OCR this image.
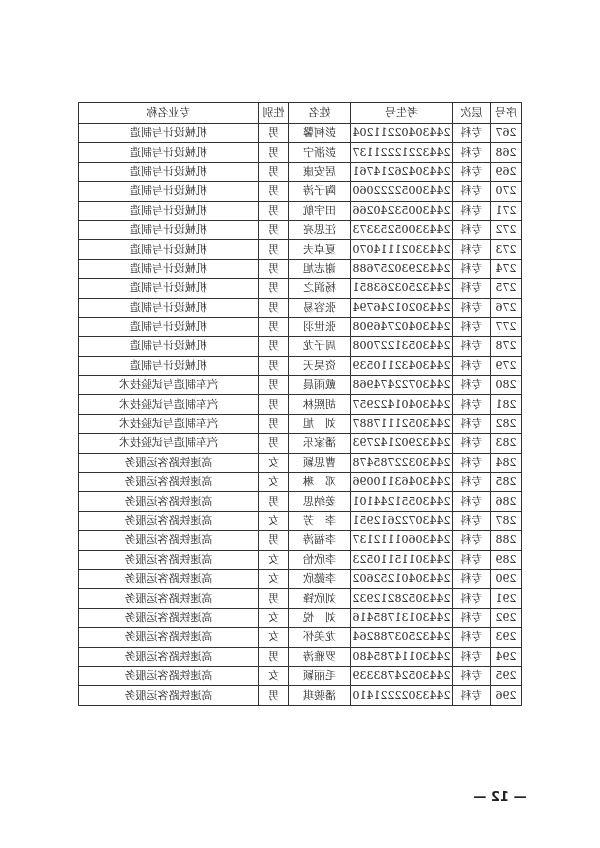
序号	层次	考生号	姓名	性别	专业名称
267	专科	24430402211204	彭柯馨	男	机械设计与制造
268	专科	24432212221137	彭浙宁	男	机械设计与制造
269	专科	24430426214761	居安康	男	机械设计与制造
270	专科	24430052222060	陶子涛	男	机械设计与制造
271	专科	24430053240266	田宇航	男	机械设计与制造
272	专科	24433005253373	汪思亮	男	机械设计与制造
273	专科	24433021114070	夏卓夫	男	机械设计与制造
274	专科	24432930257688	谢志旭	男	机械设计与制造
275	专科	24432503263851	杨润之	男	机械设计与制造
276	专科	24430201246794	张容易	男	机械设计与制造
277	专科	24430402746908	张世羽	男	机械设计与制造
278	专科	24430531227008	周子龙	男	机械设计与制造
279	专科	24430432110539	资昊天	男	机械设计与制造
280	专科	24430722474968	戴雨晨	男	汽车制造与试验技术
281	专科	24430401422957	胡熙林	男	汽车制造与试验技术
282	专科	24430521117887	刘　旭	男	汽车制造与试验技术
283	专科	24432902142793	潘家乐	男	汽车制造与试验技术
284	专科	24430322785478	曹思颖	女	高速铁路客运服务
285	专科	24430463110096	邓　琳	女	高速铁路客运服务
286	专科	24430551244101	姜纳思	男	高速铁路客运服务
287	专科	24430722612951	李　芳	女	高速铁路客运服务
288	专科	24430601112137	李福涛	男	高速铁路客运服务
289	专科	24430115110523	李欣怡	女	高速铁路客运服务
290	专科	24430401252602	李懿欣	女	高速铁路客运服务
291	专科	24430528212932	刘欣锋	男	高速铁路客运服务
292	专科	24430131785416	刘　悦	女	高速铁路客运服务
293	专科	24432503788264	龙美怀	女	高速铁路客运服务
294	专科	24430114785480	罗雅涛	男	高速铁路客运服务
295	专科	24430524783339	毛丽颖	女	高速铁路客运服务
296	专科	24433022221410	潘骏琪	男	高速铁路客运服务
— 12 —
